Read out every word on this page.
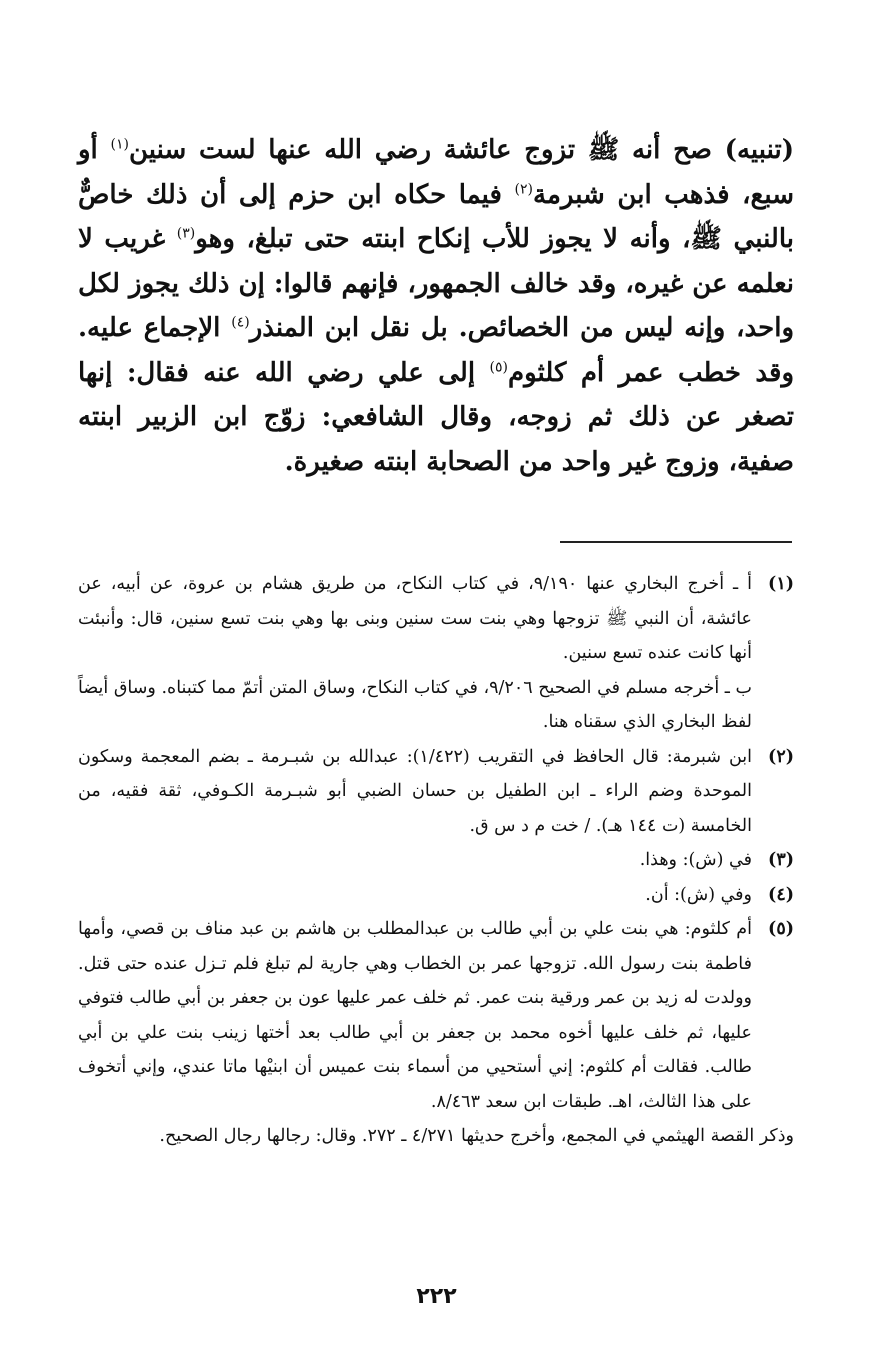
(تنبيه) صح أنه ﷺ تزوج عائشة رضي الله عنها لست سنين$^{(١)}$ أو سبع، فذهب ابن شبرمة$^{(٢)}$ فيما حكاه ابن حزم إلى أن ذلك خاصٌّ بالنبي ﷺ، وأنه لا يجوز للأب إنكاح ابنته حتى تبلغ، وهو$^{(٣)}$ غريب لا نعلمه عن غيره، وقد خالف الجمهور، فإنهم قالوا: إن ذلك يجوز لكل واحد، وإنه ليس من الخصائص. بل نقل ابن المنذر$^{(٤)}$ الإجماع عليه. وقد خطب عمر أم كلثوم$^{(٥)}$ إلى علي رضي الله عنه فقال: إنها تصغر عن ذلك ثم زوجه، وقال الشافعي: زوّج ابن الزبير ابنته صفية، وزوج غير واحد من الصحابة ابنته صغيرة.

(١)
أ ـ أخرج البخاري عنها ٩/١٩٠، في كتاب النكاح، من طريق هشام بن عروة، عن أبيه، عن عائشة، أن النبي ﷺ تزوجها وهي بنت ست سنين وبنى بها وهي بنت تسع سنين، قال: وأنبئت أنها كانت عنده تسع سنين.
ب ـ أخرجه مسلم في الصحيح ٩/٢٠٦، في كتاب النكاح، وساق المتن أتمّ مما كتبناه. وساق أيضاً لفظ البخاري الذي سقناه هنا.
(٢)
ابن شبرمة: قال الحافظ في التقريب (١/٤٢٢): عبدالله بن شبـرمة ـ بضم المعجمة وسكون الموحدة وضم الراء ـ ابن الطفيل بن حسان الضبي أبو شبـرمة الكـوفي، ثقة فقيه، من الخامسة (ت ١٤٤ هـ). / خت م د س ق.
(٣)
في (ش): وهذا.
(٤)
وفي (ش): أن.
(٥)
أم كلثوم: هي بنت علي بن أبي طالب بن عبدالمطلب بن هاشم بن عبد مناف بن قصي، وأمها فاطمة بنت رسول الله. تزوجها عمر بن الخطاب وهي جارية لم تبلغ فلم تـزل عنده حتى قتل. وولدت له زيد بن عمر ورقية بنت عمر. ثم خلف عمر عليها عون بن جعفر بن أبي طالب فتوفي عليها، ثم خلف عليها أخوه محمد بن جعفر بن أبي طالب بعد أختها زينب بنت علي بن أبي طالب. فقالت أم كلثوم: إني أستحيي من أسماء بنت عميس أن ابنيْها ماتا عندي، وإني أتخوف على هذا الثالث، اهـ. طبقات ابن سعد ٨/٤٦٣.
وذكر القصة الهيثمي في المجمع، وأخرج حديثها ٤/٢٧١ ـ ٢٧٢. وقال: رجالها رجال الصحيح.
٢٢٢
